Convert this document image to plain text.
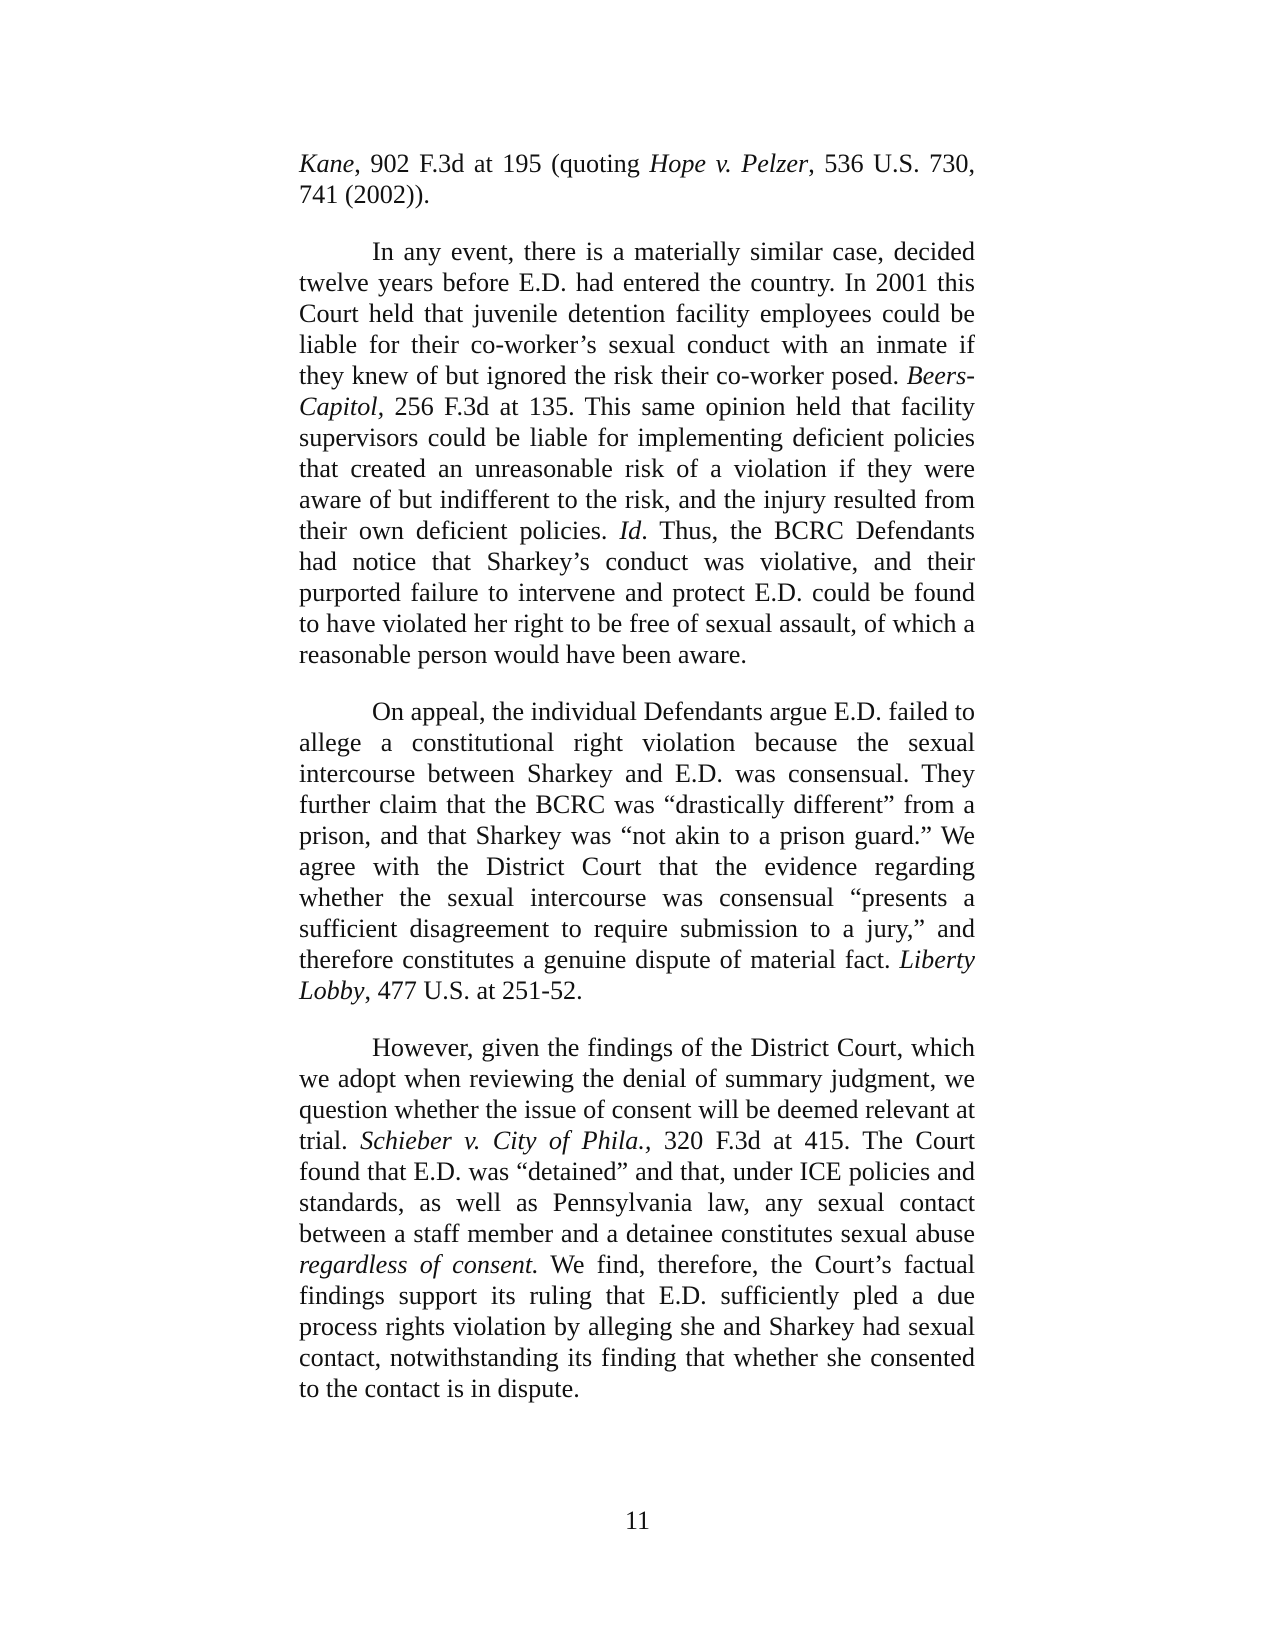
Kane, 902 F.3d at 195 (quoting Hope v. Pelzer, 536 U.S. 730, 741 (2002)).

In any event, there is a materially similar case, decided twelve years before E.D. had entered the country. In 2001 this Court held that juvenile detention facility employees could be liable for their co-worker’s sexual conduct with an inmate if they knew of but ignored the risk their co-worker posed. Beers-Capitol, 256 F.3d at 135. This same opinion held that facility supervisors could be liable for implementing deficient policies that created an unreasonable risk of a violation if they were aware of but indifferent to the risk, and the injury resulted from their own deficient policies. Id. Thus, the BCRC Defendants had notice that Sharkey’s conduct was violative, and their purported failure to intervene and protect E.D. could be found to have violated her right to be free of sexual assault, of which a reasonable person would have been aware.

On appeal, the individual Defendants argue E.D. failed to allege a constitutional right violation because the sexual intercourse between Sharkey and E.D. was consensual. They further claim that the BCRC was “drastically different” from a prison, and that Sharkey was “not akin to a prison guard.” We agree with the District Court that the evidence regarding whether the sexual intercourse was consensual “presents a sufficient disagreement to require submission to a jury,” and therefore constitutes a genuine dispute of material fact. Liberty Lobby, 477 U.S. at 251-52.

However, given the findings of the District Court, which we adopt when reviewing the denial of summary judgment, we question whether the issue of consent will be deemed relevant at trial. Schieber v. City of Phila., 320 F.3d at 415. The Court found that E.D. was “detained” and that, under ICE policies and standards, as well as Pennsylvania law, any sexual contact between a staff member and a detainee constitutes sexual abuse regardless of consent. We find, therefore, the Court’s factual findings support its ruling that E.D. sufficiently pled a due process rights violation by alleging she and Sharkey had sexual contact, notwithstanding its finding that whether she consented to the contact is in dispute.

11
